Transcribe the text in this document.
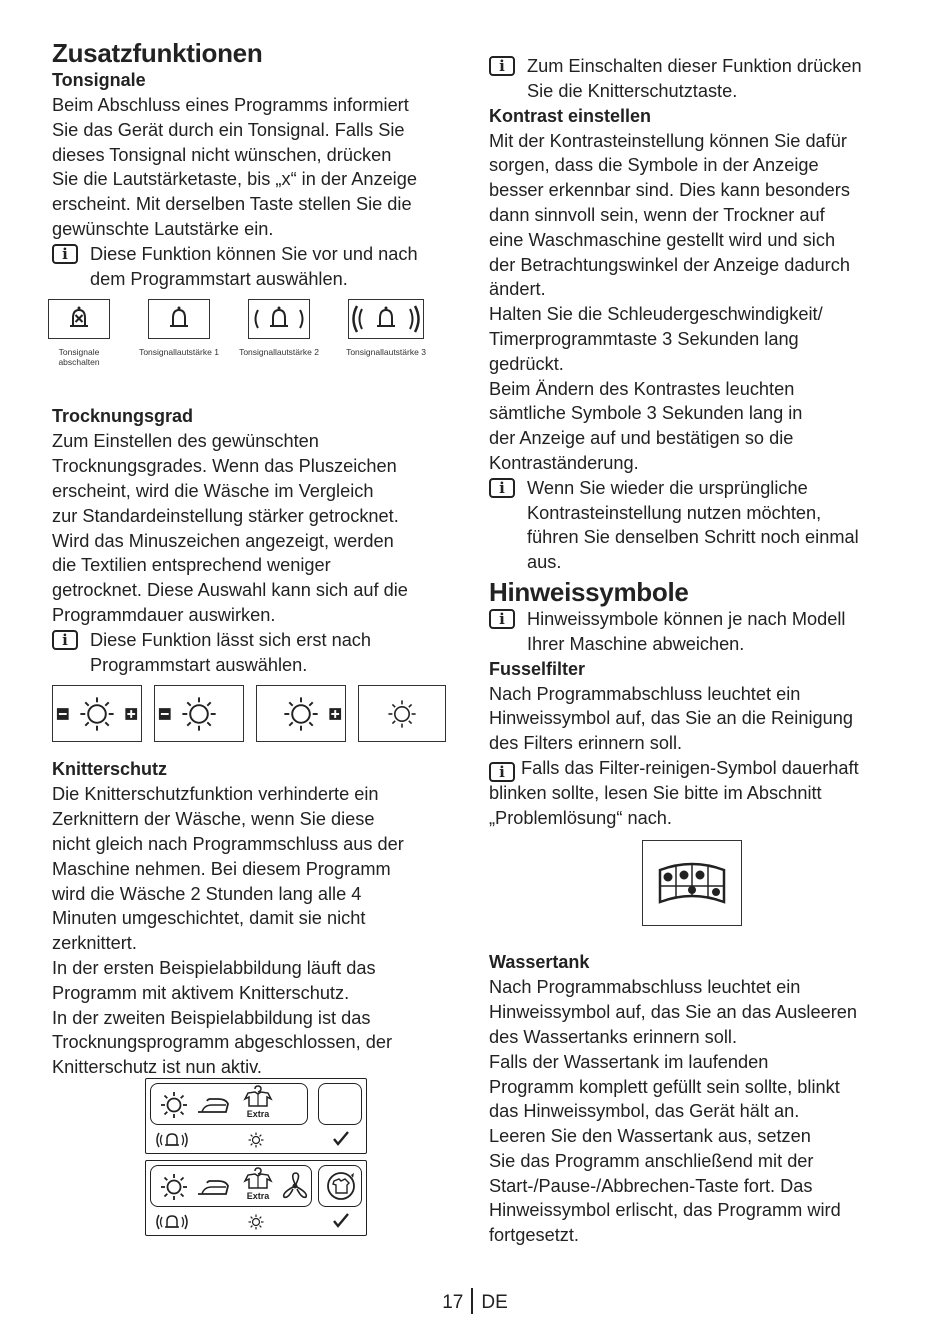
Zusatzfunktionen
Tonsignale

Beim Abschluss eines Programms informiert

Sie das Gerät durch ein Tonsignal. Falls Sie

dieses Tonsignal nicht wünschen, drücken

Sie die Lautstärketaste, bis „x“ in der Anzeige

erscheint. Mit derselben Taste stellen Sie die

gewünschte Lautstärke ein.

i	Diese Funktion können Sie vor und nach

dem Programmstart auswählen.

Tonsignale abschalten
Tonsignallautstärke 1	Tonsignallautstärke 2	Tonsignallautstärke 3
Trocknungsgrad

Zum Einstellen des gewünschten

Trocknungsgrades. Wenn das Pluszeichen

erscheint, wird die Wäsche im Vergleich

zur Standardeinstellung stärker getrocknet.

Wird das Minuszeichen angezeigt, werden

die Textilien entsprechend weniger

getrocknet. Diese Auswahl kann sich auf die

Programmdauer auswirken.

i	Diese Funktion lässt sich erst nach

Programmstart auswählen.

Knitterschutz

Die Knitterschutzfunktion verhinderte ein

Zerknittern der Wäsche, wenn Sie diese

nicht gleich nach Programmschluss aus der

Maschine nehmen. Bei diesem Programm

wird die Wäsche 2 Stunden lang alle 4

Minuten umgeschichtet, damit sie nicht

zerknittert.

In der ersten Beispielabbildung läuft das

Programm mit aktivem Knitterschutz.

In der zweiten Beispielabbildung ist das

Trocknungsprogramm abgeschlossen, der

Knitterschutz ist nun aktiv.

Extra
Extra
i	Zum Einschalten dieser Funktion drücken

Sie die Knitterschutztaste.

Kontrast einstellen

Mit der Kontrasteinstellung können Sie dafür

sorgen, dass die Symbole in der Anzeige

besser erkennbar sind. Dies kann besonders

dann sinnvoll sein, wenn der Trockner auf

eine Waschmaschine gestellt wird und sich

der Betrachtungswinkel der Anzeige dadurch

ändert.

Halten Sie die Schleudergeschwindigkeit/

Timerprogrammtaste 3 Sekunden lang

gedrückt.

Beim Ändern des Kontrastes leuchten

sämtliche Symbole 3 Sekunden lang in

der Anzeige auf und bestätigen so die

Kontraständerung.

i	Wenn Sie wieder die ursprüngliche

Kontrasteinstellung nutzen möchten,

führen Sie denselben Schritt noch einmal

aus.

Hinweissymbole
i	Hinweissymbole können je nach Modell

Ihrer Maschine abweichen.

Fusselfilter

Nach Programmabschluss leuchtet ein

Hinweissymbol auf, das Sie an die Reinigung

des Filters erinnern soll.

i Falls das Filter-reinigen-Symbol dauerhaft

blinken sollte, lesen Sie bitte im Abschnitt

„Problemlösung“ nach.

Wassertank

Nach Programmabschluss leuchtet ein

Hinweissymbol auf, das Sie an das Ausleeren

des Wassertanks erinnern soll.

Falls der Wassertank im laufenden

Programm komplett gefüllt sein sollte, blinkt

das Hinweissymbol, das Gerät hält an.

Leeren Sie den Wassertank aus, setzen

Sie das Programm anschließend mit der

Start-/Pause-/Abbrechen-Taste fort. Das

Hinweissymbol erlischt, das Programm wird

fortgesetzt.

17 DE
